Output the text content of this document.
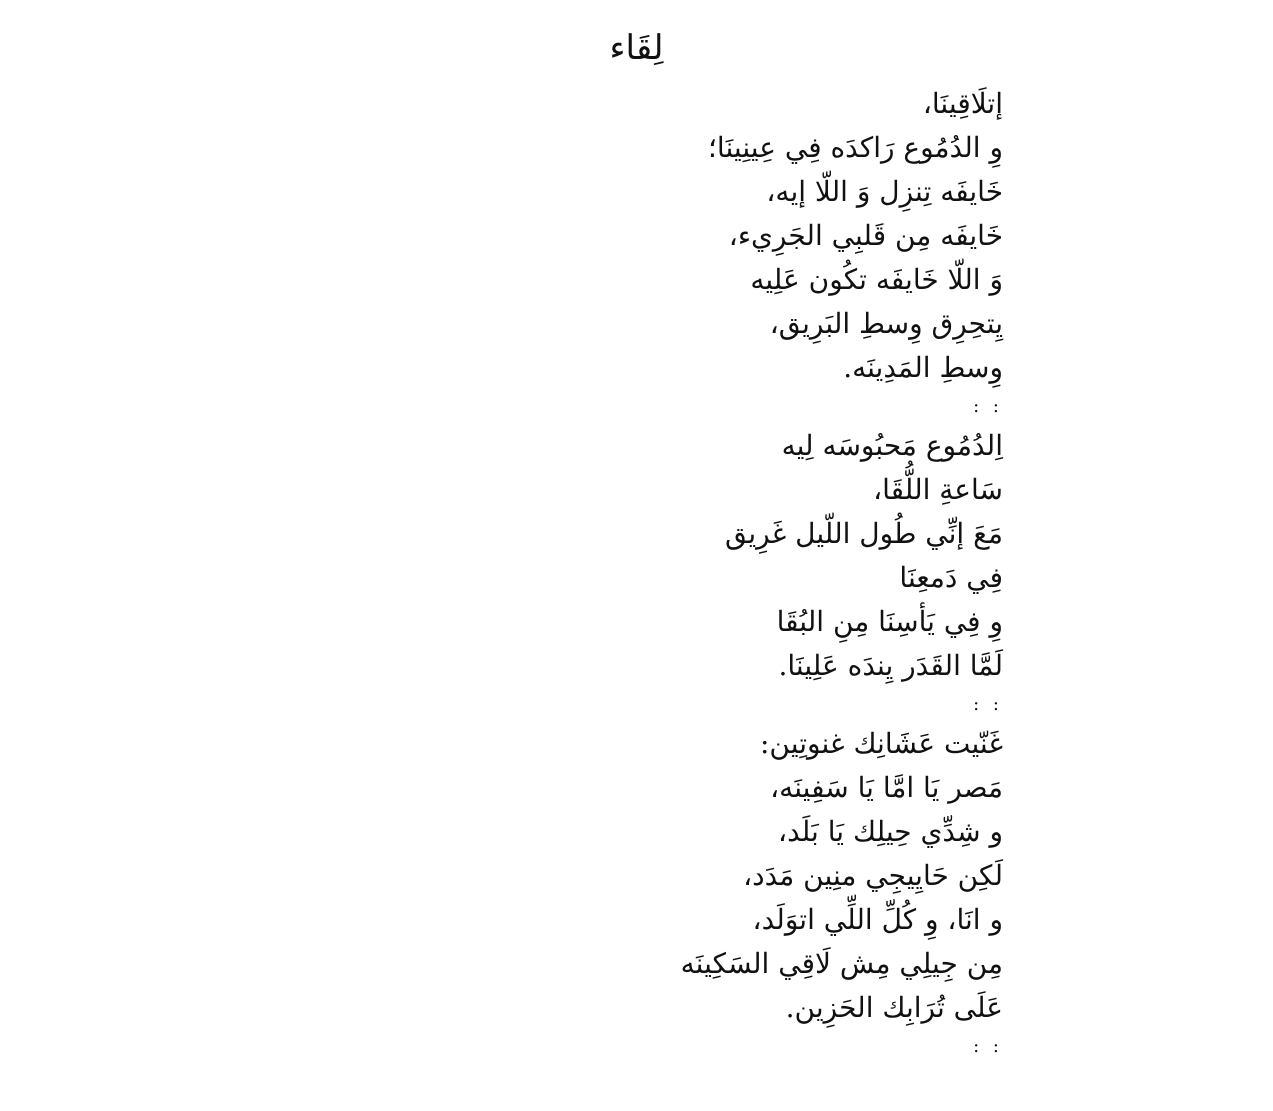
لِقَاء
إتلَاقِينَا،
وِ الدُمُوع رَاكدَه فِي عِينِينَا؛
خَايفَه تِنزِل وَ اللّا إيه،
خَايفَه مِن قَلبِي الجَرِيء،
وَ اللّا خَايفَه تكُون عَلِيه
يِتحِرِق وِسطِ البَرِيق،
وِسطِ المَدِينَه.
: :
اِلدُمُوع مَحبُوسَه لِيه
سَاعةِ اللُّقَا،
مَعَ إنِّي طُول اللّيل غَرِيق
فِي دَمعِنَا
وِ فِي يَأسِنَا مِنِ البُقَا
لَمَّا القَدَر يِندَه عَلِينَا.
: :
غَنّيت عَشَانِك غنوتِين:
مَصر يَا امَّا يَا سَفِينَه،
و شِدِّي حِيلِك يَا بَلَد،
لَكِن حَايِيجِي منِين مَدَد،
و انَا، وِ كُلِّ اللِّي اتوَلَد،
مِن جِيلِي مِش لَاقِي السَكِينَه
عَلَى تُرَابِك الحَزِين.
: :
